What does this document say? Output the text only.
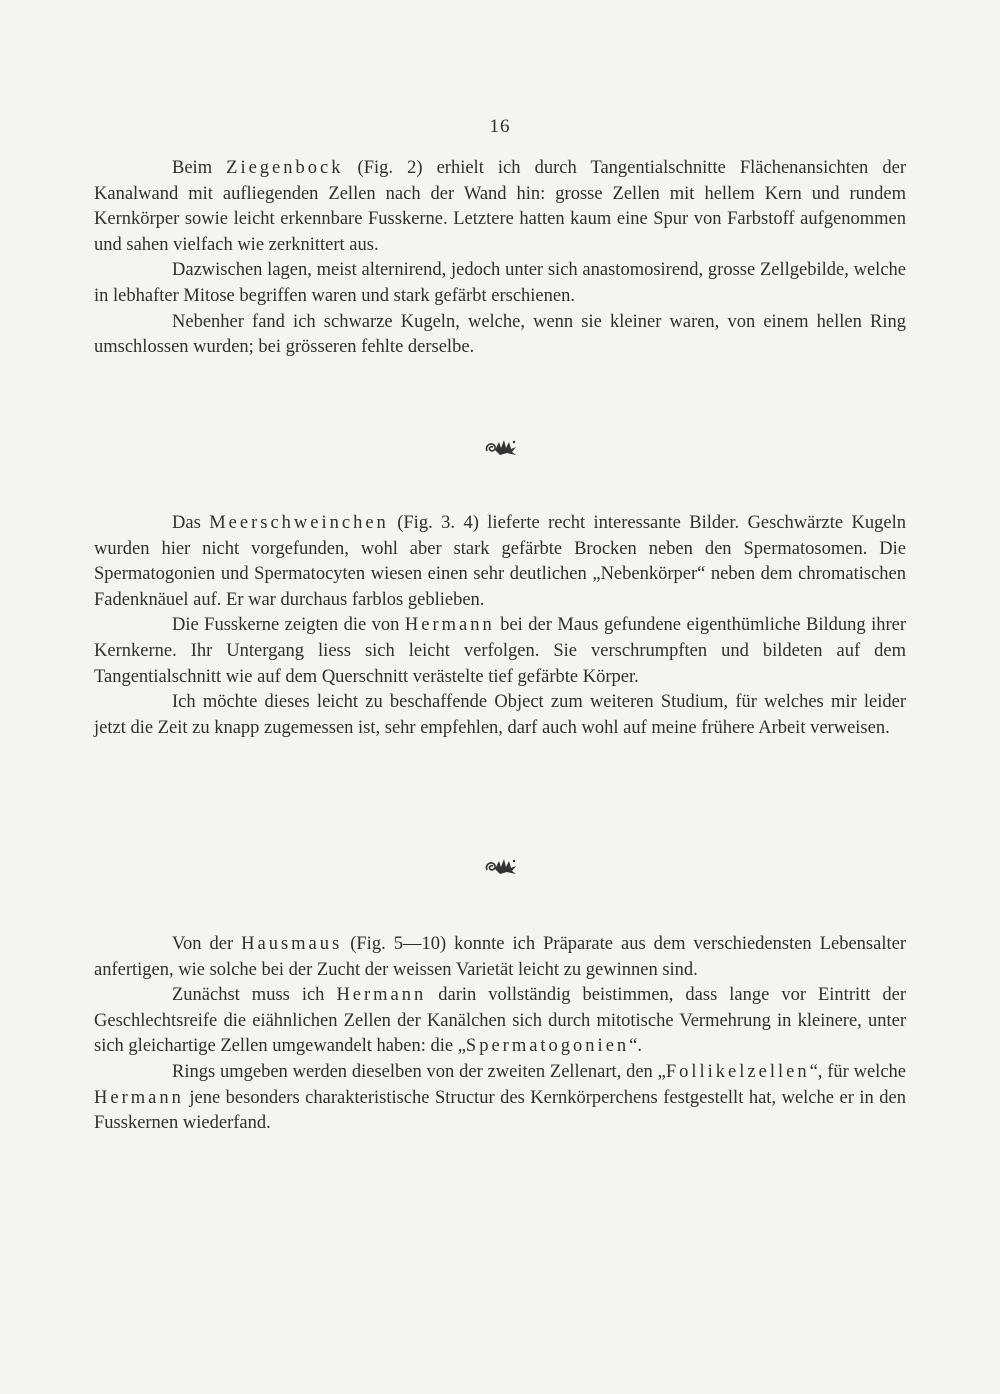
16

Beim Ziegenbock (Fig. 2) erhielt ich durch Tangentialschnitte Flächenansichten der Kanalwand mit aufliegenden Zellen nach der Wand hin: grosse Zellen mit hellem Kern und rundem Kernkörper sowie leicht erkennbare Fusskerne. Letztere hatten kaum eine Spur von Farbstoff aufgenommen und sahen vielfach wie zerknittert aus.

Dazwischen lagen, meist alternirend, jedoch unter sich anastomosirend, grosse Zellgebilde, welche in lebhafter Mitose begriffen waren und stark gefärbt erschienen.

Nebenher fand ich schwarze Kugeln, welche, wenn sie kleiner waren, von einem hellen Ring umschlossen wurden; bei grösseren fehlte derselbe.

Das Meerschweinchen (Fig. 3. 4) lieferte recht interessante Bilder. Geschwärzte Kugeln wurden hier nicht vorgefunden, wohl aber stark gefärbte Brocken neben den Spermatosomen. Die Spermatogonien und Spermatocyten wiesen einen sehr deutlichen „Nebenkörper“ neben dem chromatischen Fadenknäuel auf. Er war durchaus farblos geblieben.

Die Fusskerne zeigten die von Hermann bei der Maus gefundene eigenthümliche Bildung ihrer Kernkerne. Ihr Untergang liess sich leicht verfolgen. Sie verschrumpften und bildeten auf dem Tangentialschnitt wie auf dem Querschnitt verästelte tief gefärbte Körper.

Ich möchte dieses leicht zu beschaffende Object zum weiteren Studium, für welches mir leider jetzt die Zeit zu knapp zugemessen ist, sehr empfehlen, darf auch wohl auf meine frühere Arbeit verweisen.

Von der Hausmaus (Fig. 5—10) konnte ich Präparate aus dem verschiedensten Lebensalter anfertigen, wie solche bei der Zucht der weissen Varietät leicht zu gewinnen sind.

Zunächst muss ich Hermann darin vollständig beistimmen, dass lange vor Eintritt der Geschlechtsreife die eiähnlichen Zellen der Kanälchen sich durch mitotische Vermehrung in kleinere, unter sich gleichartige Zellen umgewandelt haben: die „Spermatogonien“.

Rings umgeben werden dieselben von der zweiten Zellenart, den „Follikelzellen“, für welche Hermann jene besonders charakteristische Structur des Kernkörperchens festgestellt hat, welche er in den Fusskernen wiederfand.
